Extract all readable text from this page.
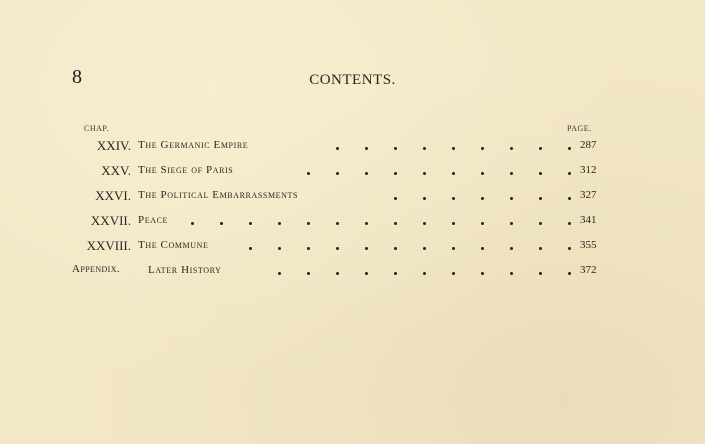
8	CONTENTS.
CHAP.	PAGE.
XXIV. The Germanic Empire	287
XXV. The Siege of Paris	312
XXVI. The Political Embarrassments	327
XXVII. Peace	341
XXVIII. The Commune	355
Appendix.	Later History	372
